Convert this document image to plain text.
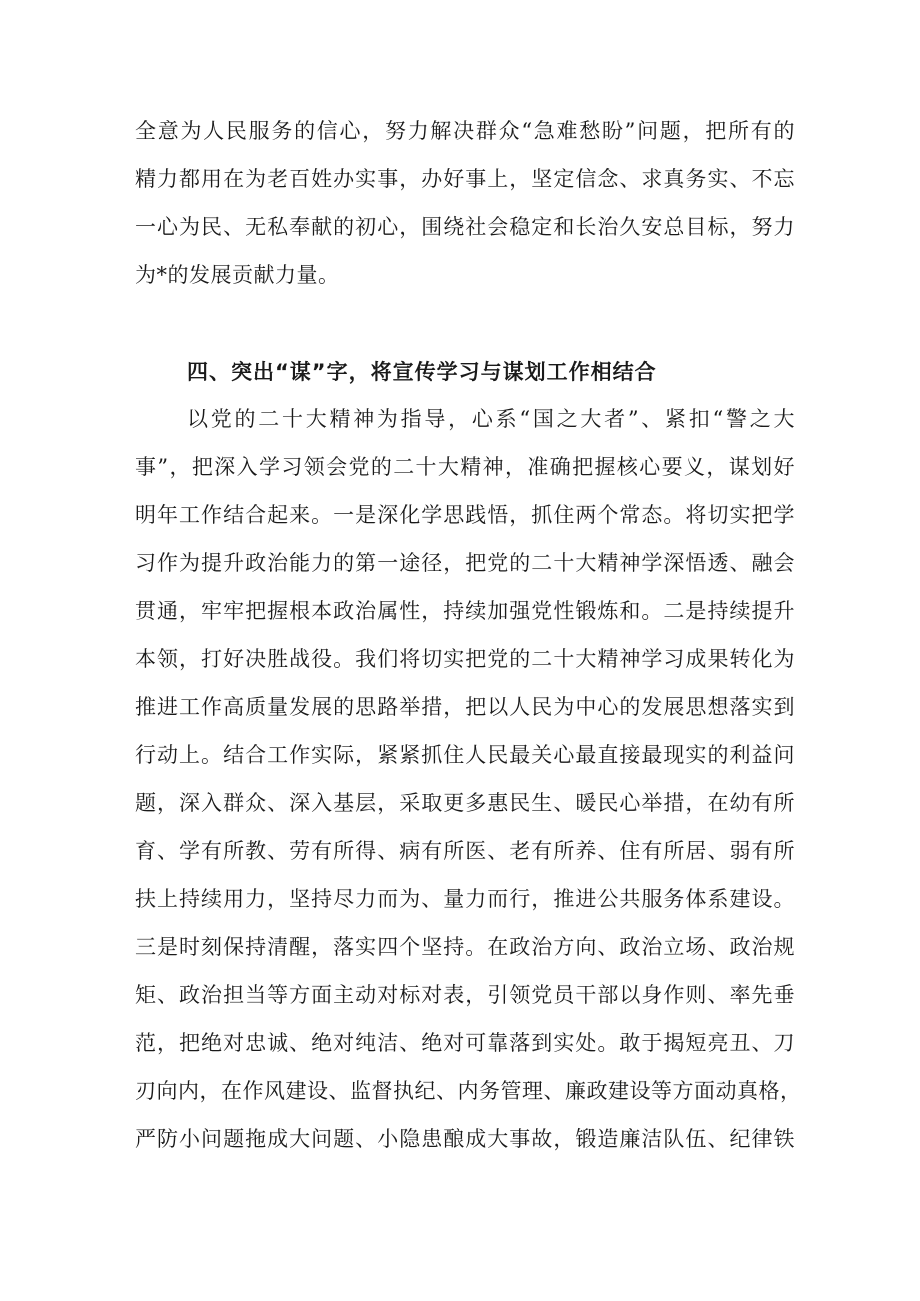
全意为人民服务的信心，努力解决群众“急难愁盼”问题，把所有的
精力都用在为老百姓办实事，办好事上，坚定信念、求真务实、不忘
一心为民、无私奉献的初心，围绕社会稳定和长治久安总目标，努力
为*的发展贡献力量。
四、突出“谋”字，将宣传学习与谋划工作相结合
以党的二十大精神为指导，心系“国之大者”、紧扣“警之大
事”，把深入学习领会党的二十大精神，准确把握核心要义，谋划好
明年工作结合起来。一是深化学思践悟，抓住两个常态。将切实把学
习作为提升政治能力的第一途径，把党的二十大精神学深悟透、融会
贯通，牢牢把握根本政治属性，持续加强党性锻炼和。二是持续提升
本领，打好决胜战役。我们将切实把党的二十大精神学习成果转化为
推进工作高质量发展的思路举措，把以人民为中心的发展思想落实到
行动上。结合工作实际，紧紧抓住人民最关心最直接最现实的利益问
题，深入群众、深入基层，采取更多惠民生、暖民心举措，在幼有所
育、学有所教、劳有所得、病有所医、老有所养、住有所居、弱有所
扶上持续用力，坚持尽力而为、量力而行，推进公共服务体系建设。
三是时刻保持清醒，落实四个坚持。在政治方向、政治立场、政治规
矩、政治担当等方面主动对标对表，引领党员干部以身作则、率先垂
范，把绝对忠诚、绝对纯洁、绝对可靠落到实处。敢于揭短亮丑、刀
刃向内，在作风建设、监督执纪、内务管理、廉政建设等方面动真格，
严防小问题拖成大问题、小隐患酿成大事故，锻造廉洁队伍、纪律铁
